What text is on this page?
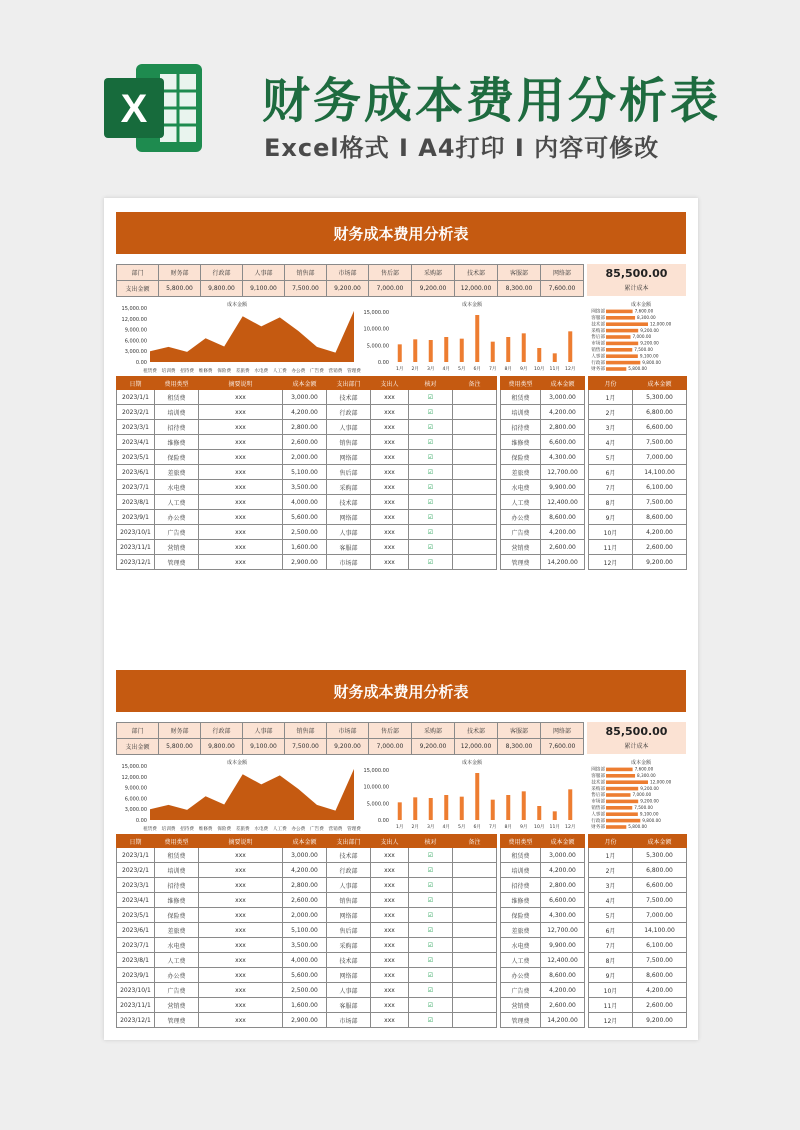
X 财务成本费用分析表
Excel格式 I A4打印 I 内容可修改
财务成本费用分析表
部门	财务部	行政部	人事部	销售部	市场部	售后部	采购部	技术部	客服部	网络部
支出金额	5,800.00	9,800.00	9,100.00	7,500.00	9,200.00	7,000.00	9,200.00	12,000.00	8,300.00	7,600.00
85,500.00
累计成本
成本金额
15,000.00
12,000.00
9,000.00
6,000.00
3,000.00
0.00
租赁费 培训费 招待费 维修费 保险费 差旅费 水电费 人工费 办公费 广告费 营销费 管理费
成本金额
15,000.00
10,000.00
5,000.00
0.00
1月 2月 3月 4月 5月 6月 7月 8月 9月 10月 11月 12月
成本金额
网络部	7,600.00
客服部	8,300.00
技术部	12,000.00
采购部	9,200.00
售后部	7,000.00
市场部	9,200.00
销售部	7,500.00
人事部	9,100.00
行政部	9,800.00
财务部	5,800.00
日期	费用类型	摘要说明	成本金额	支出部门	支出人	核对	备注		费用类型	成本金额		月份	成本金额
2023/1/1	租赁费	xxx	3,000.00	技术部	xxx	☑			租赁费	3,000.00		1月	5,300.00
2023/2/1	培训费	xxx	4,200.00	行政部	xxx	☑			培训费	4,200.00		2月	6,800.00
2023/3/1	招待费	xxx	2,800.00	人事部	xxx	☑			招待费	2,800.00		3月	6,600.00
2023/4/1	维修费	xxx	2,600.00	销售部	xxx	☑			维修费	6,600.00		4月	7,500.00
2023/5/1	保险费	xxx	2,000.00	网络部	xxx	☑			保险费	4,300.00		5月	7,000.00
2023/6/1	差旅费	xxx	5,100.00	售后部	xxx	☑			差旅费	12,700.00		6月	14,100.00
2023/7/1	水电费	xxx	3,500.00	采购部	xxx	☑			水电费	9,900.00		7月	6,100.00
2023/8/1	人工费	xxx	4,000.00	技术部	xxx	☑			人工费	12,400.00		8月	7,500.00
2023/9/1	办公费	xxx	5,600.00	网络部	xxx	☑			办公费	8,600.00		9月	8,600.00
2023/10/1	广告费	xxx	2,500.00	人事部	xxx	☑			广告费	4,200.00		10月	4,200.00
2023/11/1	营销费	xxx	1,600.00	客服部	xxx	☑			营销费	2,600.00		11月	2,600.00
2023/12/1	管理费	xxx	2,900.00	市场部	xxx	☑			管理费	14,200.00		12月	9,200.00
财务成本费用分析表
部门	财务部	行政部	人事部	销售部	市场部	售后部	采购部	技术部	客服部	网络部
支出金额	5,800.00	9,800.00	9,100.00	7,500.00	9,200.00	7,000.00	9,200.00	12,000.00	8,300.00	7,600.00
85,500.00
累计成本
成本金额
15,000.00
12,000.00
9,000.00
6,000.00
3,000.00
0.00
租赁费 培训费 招待费 维修费 保险费 差旅费 水电费 人工费 办公费 广告费 营销费 管理费
成本金额
15,000.00
10,000.00
5,000.00
0.00
1月 2月 3月 4月 5月 6月 7月 8月 9月 10月 11月 12月
成本金额
网络部	7,600.00
客服部	8,300.00
技术部	12,000.00
采购部	9,200.00
售后部	7,000.00
市场部	9,200.00
销售部	7,500.00
人事部	9,100.00
行政部	9,800.00
财务部	5,800.00
日期	费用类型	摘要说明	成本金额	支出部门	支出人	核对	备注		费用类型	成本金额		月份	成本金额
2023/1/1	租赁费	xxx	3,000.00	技术部	xxx	☑			租赁费	3,000.00		1月	5,300.00
2023/2/1	培训费	xxx	4,200.00	行政部	xxx	☑			培训费	4,200.00		2月	6,800.00
2023/3/1	招待费	xxx	2,800.00	人事部	xxx	☑			招待费	2,800.00		3月	6,600.00
2023/4/1	维修费	xxx	2,600.00	销售部	xxx	☑			维修费	6,600.00		4月	7,500.00
2023/5/1	保险费	xxx	2,000.00	网络部	xxx	☑			保险费	4,300.00		5月	7,000.00
2023/6/1	差旅费	xxx	5,100.00	售后部	xxx	☑			差旅费	12,700.00		6月	14,100.00
2023/7/1	水电费	xxx	3,500.00	采购部	xxx	☑			水电费	9,900.00		7月	6,100.00
2023/8/1	人工费	xxx	4,000.00	技术部	xxx	☑			人工费	12,400.00		8月	7,500.00
2023/9/1	办公费	xxx	5,600.00	网络部	xxx	☑			办公费	8,600.00		9月	8,600.00
2023/10/1	广告费	xxx	2,500.00	人事部	xxx	☑			广告费	4,200.00		10月	4,200.00
2023/11/1	营销费	xxx	1,600.00	客服部	xxx	☑			营销费	2,600.00		11月	2,600.00
2023/12/1	管理费	xxx	2,900.00	市场部	xxx	☑			管理费	14,200.00		12月	9,200.00
